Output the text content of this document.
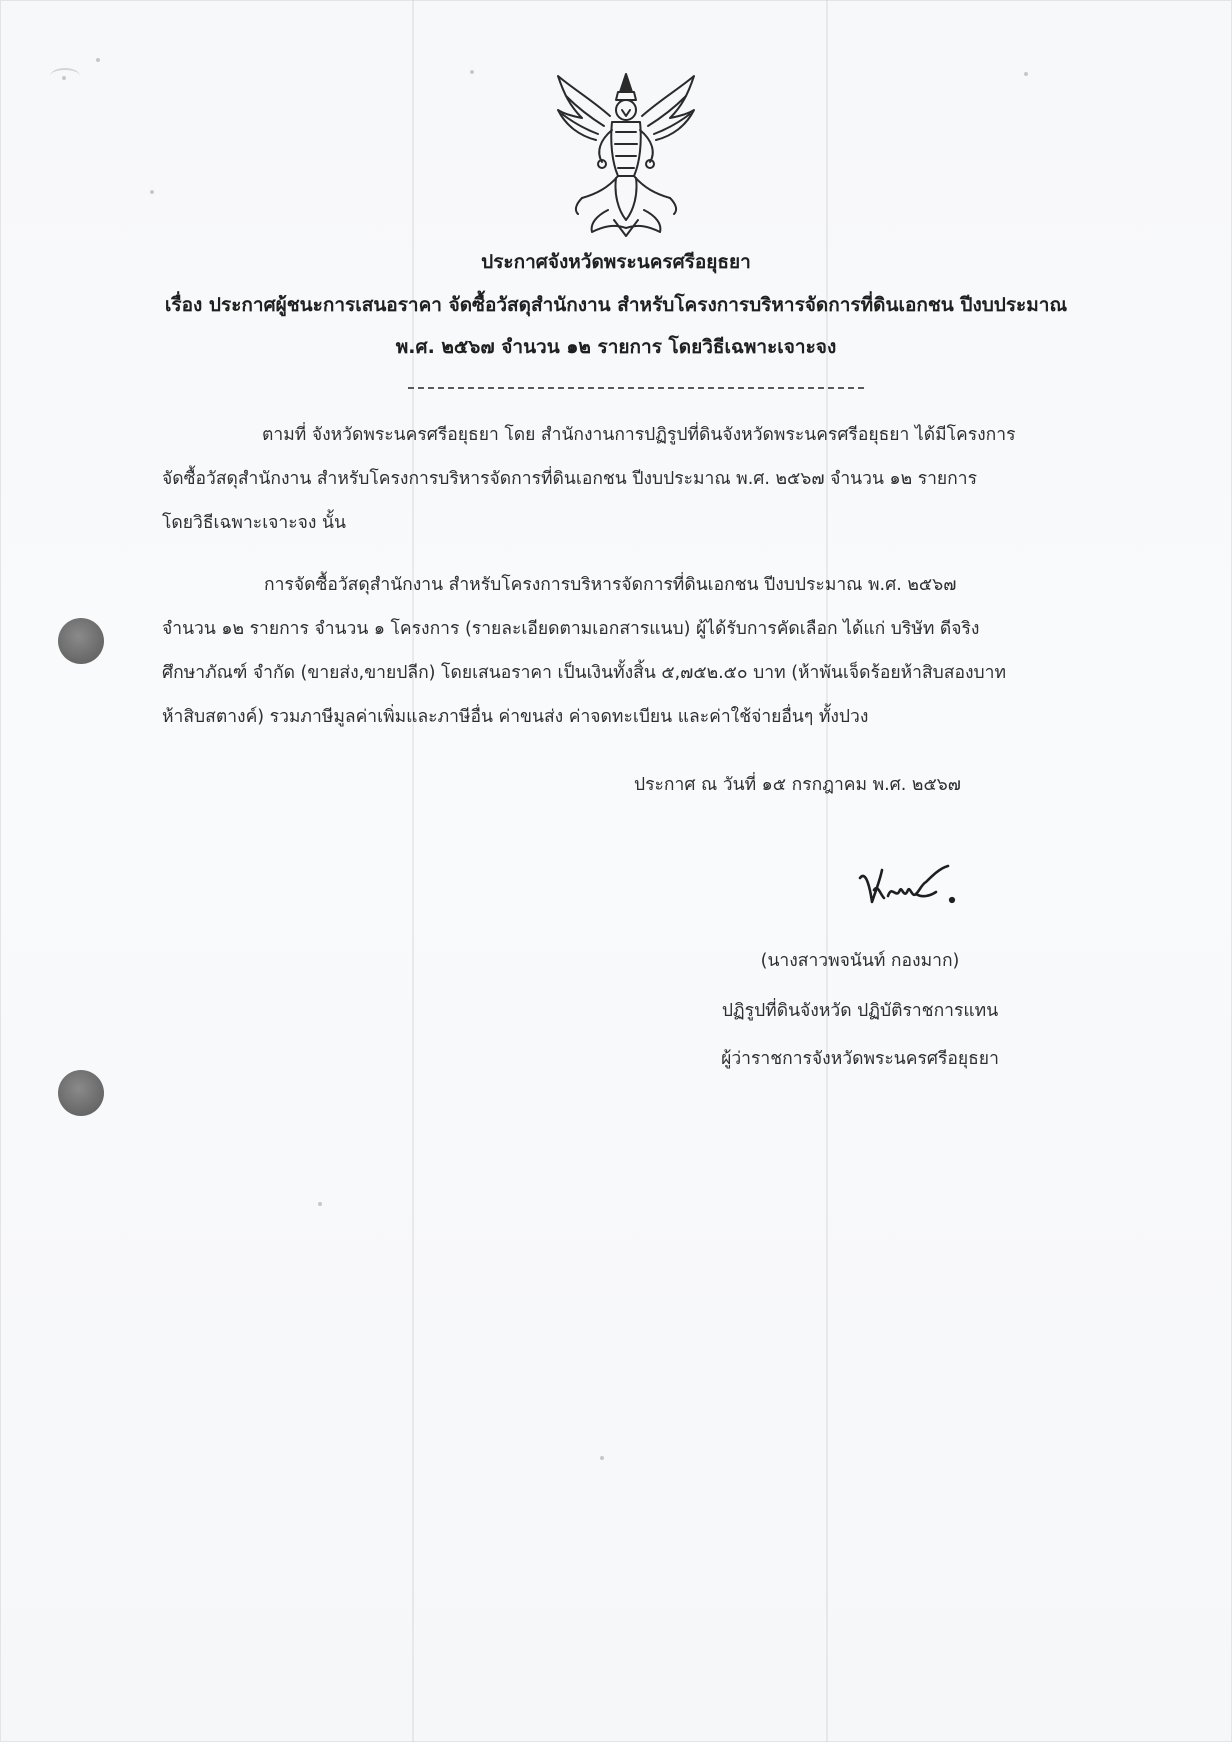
ประกาศจังหวัดพระนครศรีอยุธยา
เรื่อง ประกาศผู้ชนะการเสนอราคา จัดซื้อวัสดุสำนักงาน สำหรับโครงการบริหารจัดการที่ดินเอกชน ปีงบประมาณ
พ.ศ. ๒๕๖๗ จำนวน ๑๒ รายการ โดยวิธีเฉพาะเจาะจง
ตามที่ จังหวัดพระนครศรีอยุธยา โดย สำนักงานการปฏิรูปที่ดินจังหวัดพระนครศรีอยุธยา ได้มีโครงการ
จัดซื้อวัสดุสำนักงาน สำหรับโครงการบริหารจัดการที่ดินเอกชน ปีงบประมาณ พ.ศ. ๒๕๖๗ จำนวน ๑๒ รายการ
โดยวิธีเฉพาะเจาะจง นั้น
การจัดซื้อวัสดุสำนักงาน สำหรับโครงการบริหารจัดการที่ดินเอกชน ปีงบประมาณ พ.ศ. ๒๕๖๗
จำนวน ๑๒ รายการ จำนวน ๑ โครงการ (รายละเอียดตามเอกสารแนบ) ผู้ได้รับการคัดเลือก ได้แก่ บริษัท ดีจริง
ศึกษาภัณฑ์ จำกัด (ขายส่ง,ขายปลีก) โดยเสนอราคา เป็นเงินทั้งสิ้น ๕,๗๕๒.๕๐ บาท (ห้าพันเจ็ดร้อยห้าสิบสองบาท
ห้าสิบสตางค์) รวมภาษีมูลค่าเพิ่มและภาษีอื่น ค่าขนส่ง ค่าจดทะเบียน และค่าใช้จ่ายอื่นๆ ทั้งปวง
ประกาศ ณ วันที่ ๑๕ กรกฎาคม พ.ศ. ๒๕๖๗
(นางสาวพจนันท์ กองมาก)
ปฏิรูปที่ดินจังหวัด ปฏิบัติราชการแทน
ผู้ว่าราชการจังหวัดพระนครศรีอยุธยา
